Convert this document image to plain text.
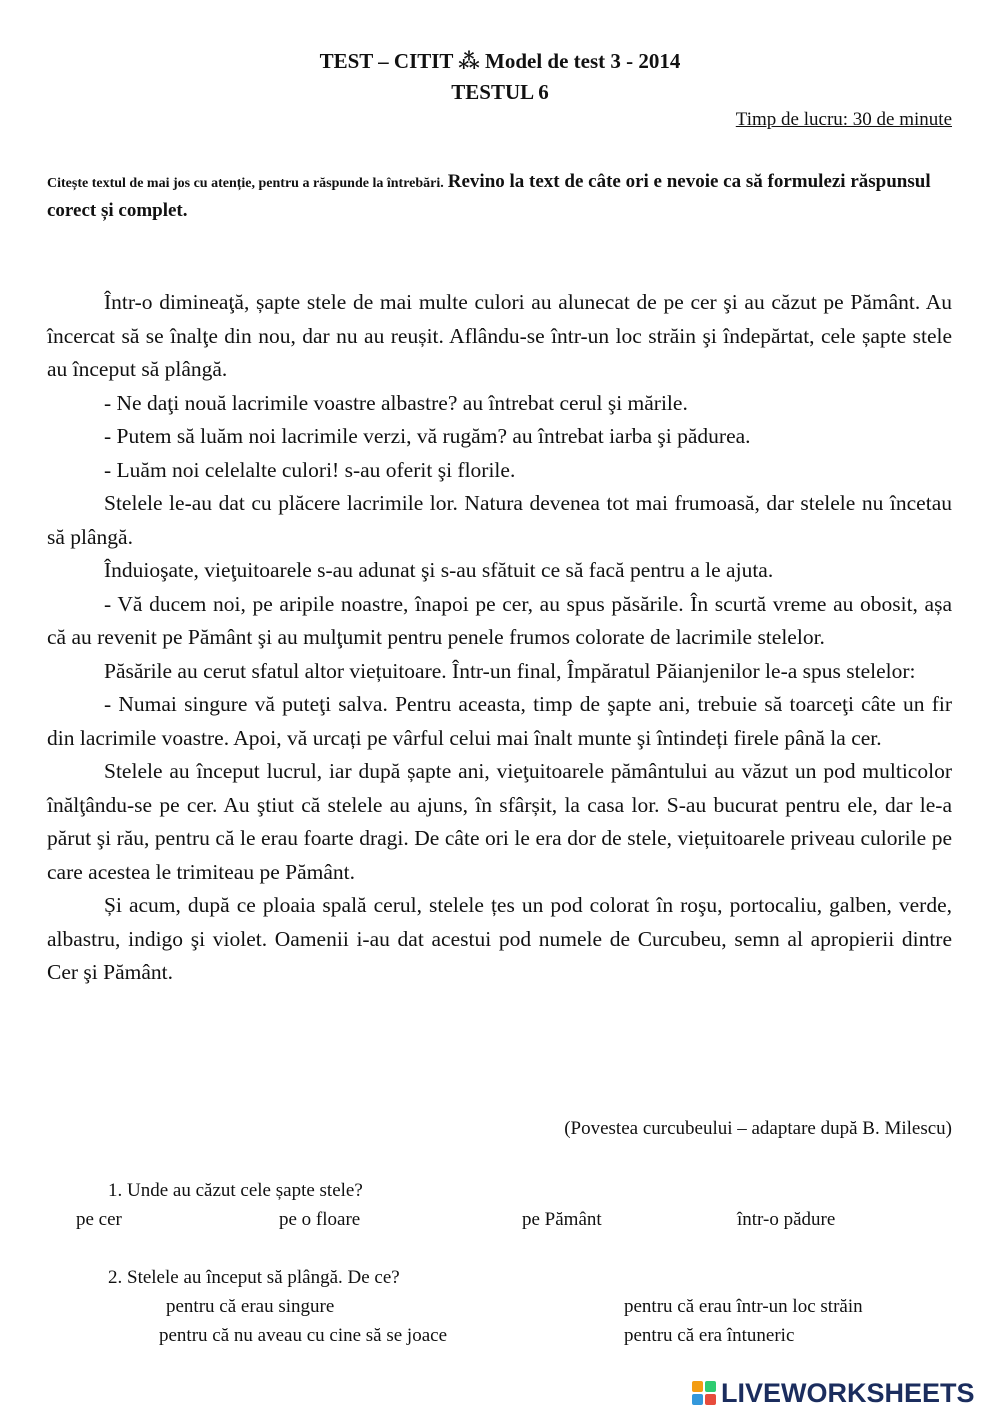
TEST – CITIT ⁂ Model de test 3 - 2014
TESTUL 6
Timp de lucru: 30 de minute
Citește textul de mai jos cu atenție, pentru a răspunde la întrebări. Revino la text de câte ori e nevoie ca să formulezi răspunsul corect și complet.

Într-o dimineaţă, șapte stele de mai multe culori au alunecat de pe cer şi au căzut pe Pământ. Au încercat să se înalţe din nou, dar nu au reușit. Aflându-se într-un loc străin şi îndepărtat, cele șapte stele au început să plângă.

- Ne daţi nouă lacrimile voastre albastre? au întrebat cerul şi mările.

- Putem să luăm noi lacrimile verzi, vă rugăm? au întrebat iarba şi pădurea.

- Luăm noi celelalte culori! s-au oferit şi florile.

Stelele le-au dat cu plăcere lacrimile lor. Natura devenea tot mai frumoasă, dar stelele nu încetau să plângă.

Înduioşate, vieţuitoarele s-au adunat şi s-au sfătuit ce să facă pentru a le ajuta.

- Vă ducem noi, pe aripile noastre, înapoi pe cer, au spus păsările. În scurtă vreme au obosit, așa că au revenit pe Pământ şi au mulţumit pentru penele frumos colorate de lacrimile stelelor.

Păsările au cerut sfatul altor viețuitoare. Într-un final, Împăratul Păianjenilor le-a spus stelelor:

- Numai singure vă puteţi salva. Pentru aceasta, timp de şapte ani, trebuie să toarceţi câte un fir din lacrimile voastre. Apoi, vă urcați pe vârful celui mai înalt munte şi întindeți firele până la cer.

Stelele au început lucrul, iar după șapte ani, vieţuitoarele pământului au văzut un pod multicolor înălţându-se pe cer. Au ştiut că stelele au ajuns, în sfârșit, la casa lor. S-au bucurat pentru ele, dar le-a părut şi rău, pentru că le erau foarte dragi. De câte ori le era dor de stele, viețuitoarele priveau culorile pe care acestea le trimiteau pe Pământ.

Și acum, după ce ploaia spală cerul, stelele țes un pod colorat în roşu, portocaliu, galben, verde, albastru, indigo şi violet. Oamenii i-au dat acestui pod numele de Curcubeu, semn al apropierii dintre Cer şi Pământ.

(Povestea curcubeului – adaptare după B. Milescu)
1. Unde au căzut cele șapte stele?
pe cer	pe o floare	pe Pământ	într-o pădure
2. Stelele au început să plângă. De ce?
pentru că erau singure	pentru că erau într-un loc străin
pentru că nu aveau cu cine să se joace	pentru că era întuneric
LIVEWORKSHEETS
